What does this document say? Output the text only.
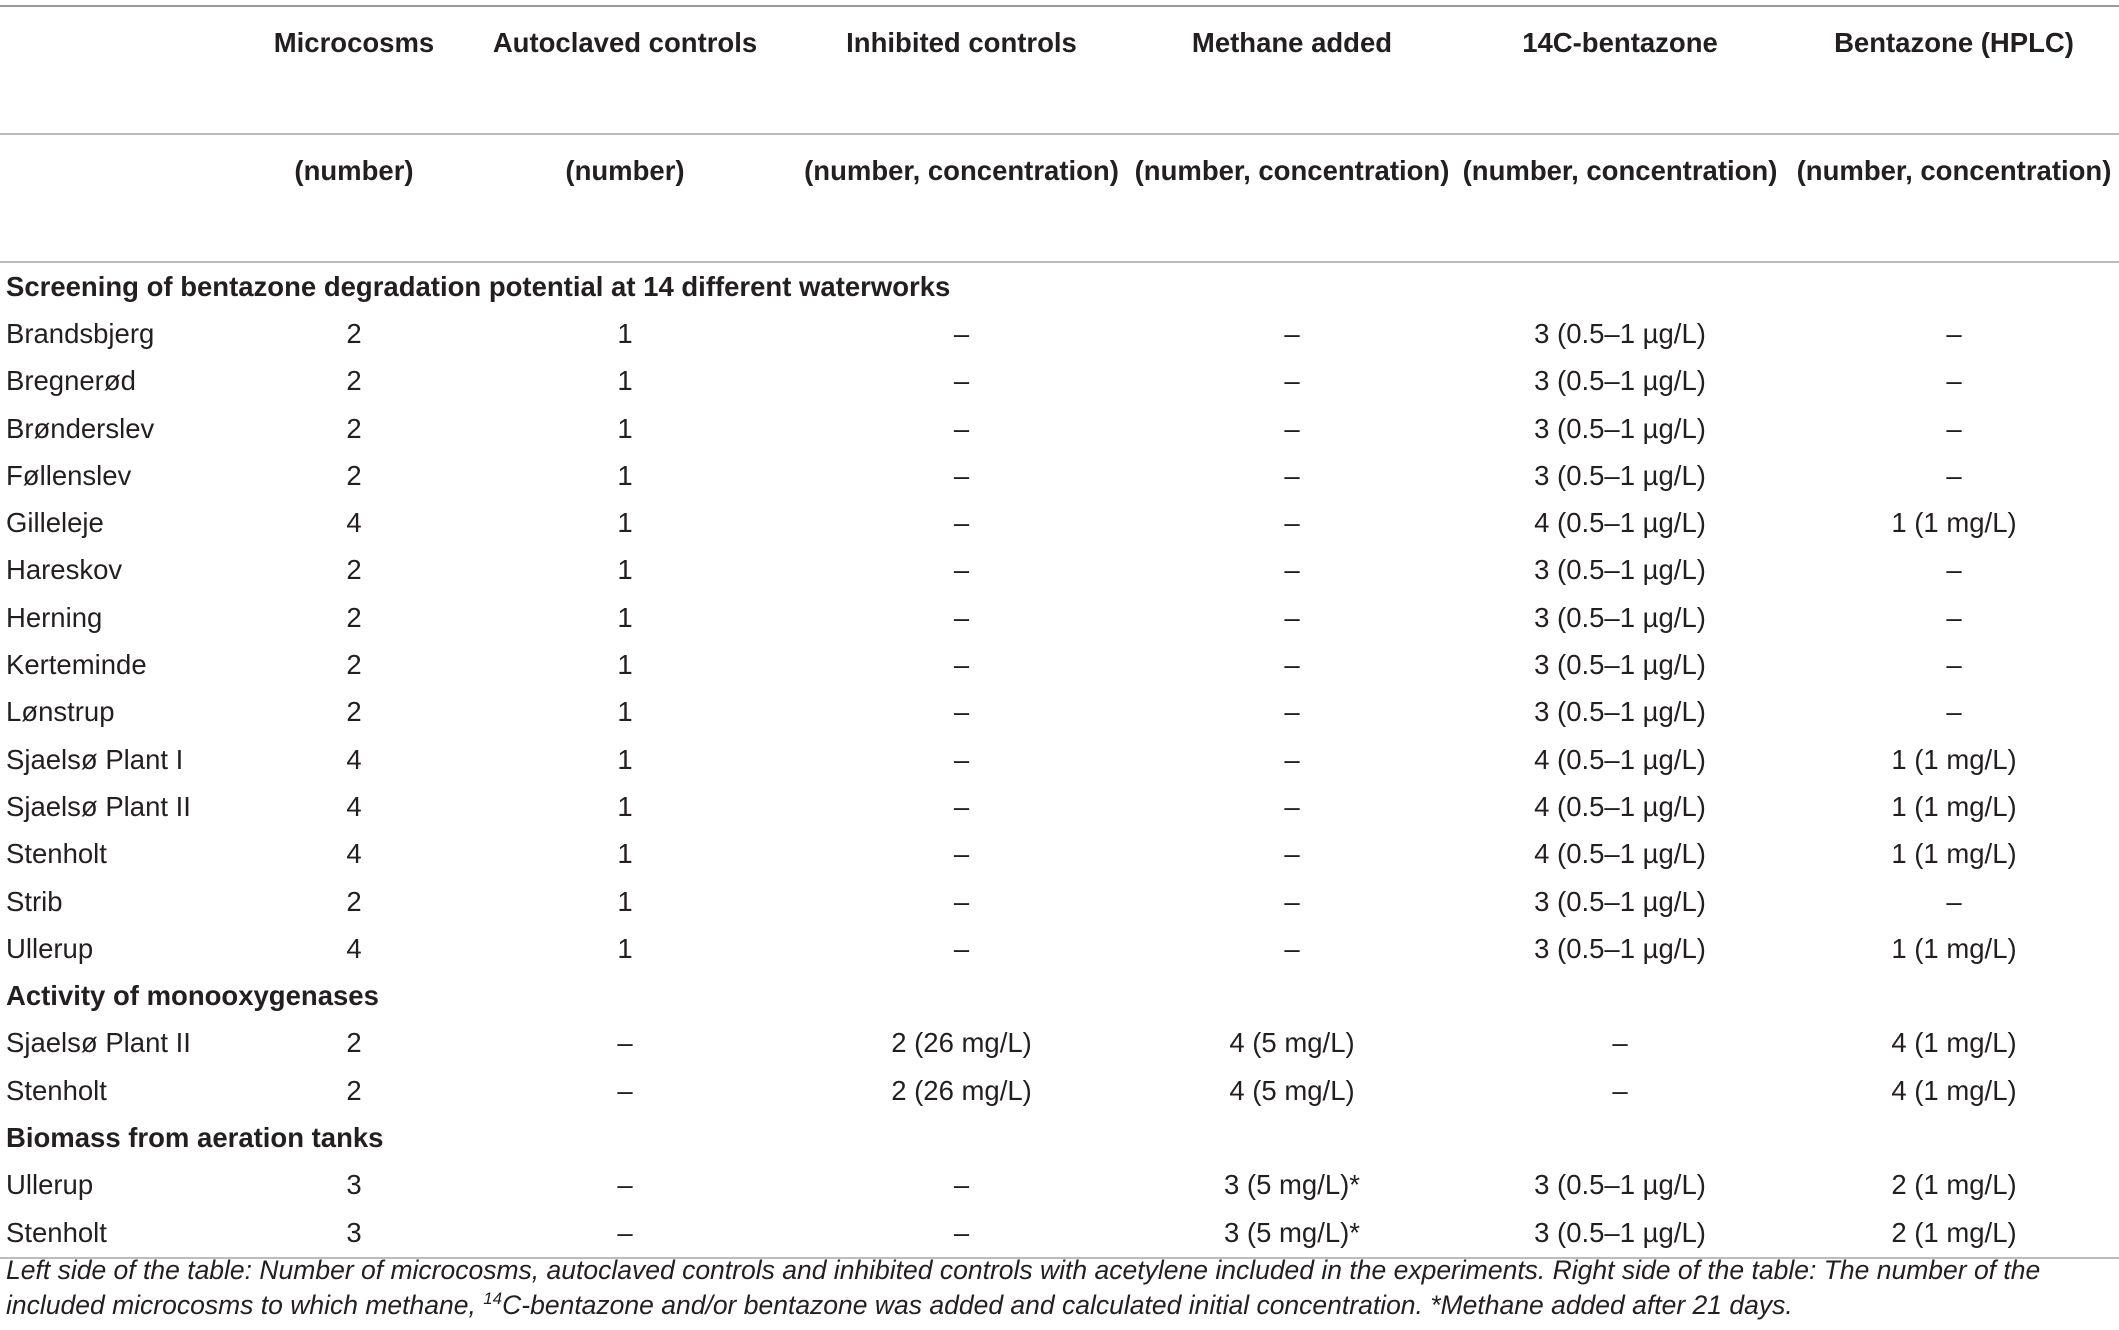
	Microcosms	Autoclaved controls	Inhibited controls	Methane added	14C-bentazone	Bentazone (HPLC)
	(number)	(number)	(number, concentration)	(number, concentration)	(number, concentration)	(number, concentration)
Screening of bentazone degradation potential at 14 different waterworks						
Brandsbjerg	2	1	–	–	3 (0.5–1 µg/L)	–
Bregnerød	2	1	–	–	3 (0.5–1 µg/L)	–
Brønderslev	2	1	–	–	3 (0.5–1 µg/L)	–
Føllenslev	2	1	–	–	3 (0.5–1 µg/L)	–
Gilleleje	4	1	–	–	4 (0.5–1 µg/L)	1 (1 mg/L)
Hareskov	2	1	–	–	3 (0.5–1 µg/L)	–
Herning	2	1	–	–	3 (0.5–1 µg/L)	–
Kerteminde	2	1	–	–	3 (0.5–1 µg/L)	–
Lønstrup	2	1	–	–	3 (0.5–1 µg/L)	–
Sjaelsø Plant I	4	1	–	–	4 (0.5–1 µg/L)	1 (1 mg/L)
Sjaelsø Plant II	4	1	–	–	4 (0.5–1 µg/L)	1 (1 mg/L)
Stenholt	4	1	–	–	4 (0.5–1 µg/L)	1 (1 mg/L)
Strib	2	1	–	–	3 (0.5–1 µg/L)	–
Ullerup	4	1	–	–	3 (0.5–1 µg/L)	1 (1 mg/L)
Activity of monooxygenases						
Sjaelsø Plant II	2	–	2 (26 mg/L)	4 (5 mg/L)	–	4 (1 mg/L)
Stenholt	2	–	2 (26 mg/L)	4 (5 mg/L)	–	4 (1 mg/L)
Biomass from aeration tanks						
Ullerup	3	–	–	3 (5 mg/L)*	3 (0.5–1 µg/L)	2 (1 mg/L)
Stenholt	3	–	–	3 (5 mg/L)*	3 (0.5–1 µg/L)	2 (1 mg/L)
Left side of the table: Number of microcosms, autoclaved controls and inhibited controls with acetylene included in the experiments. Right side of the table: The number of the included microcosms to which methane, $^{14}$C-bentazone and/or bentazone was added and calculated initial concentration. *Methane added after 21 days.
